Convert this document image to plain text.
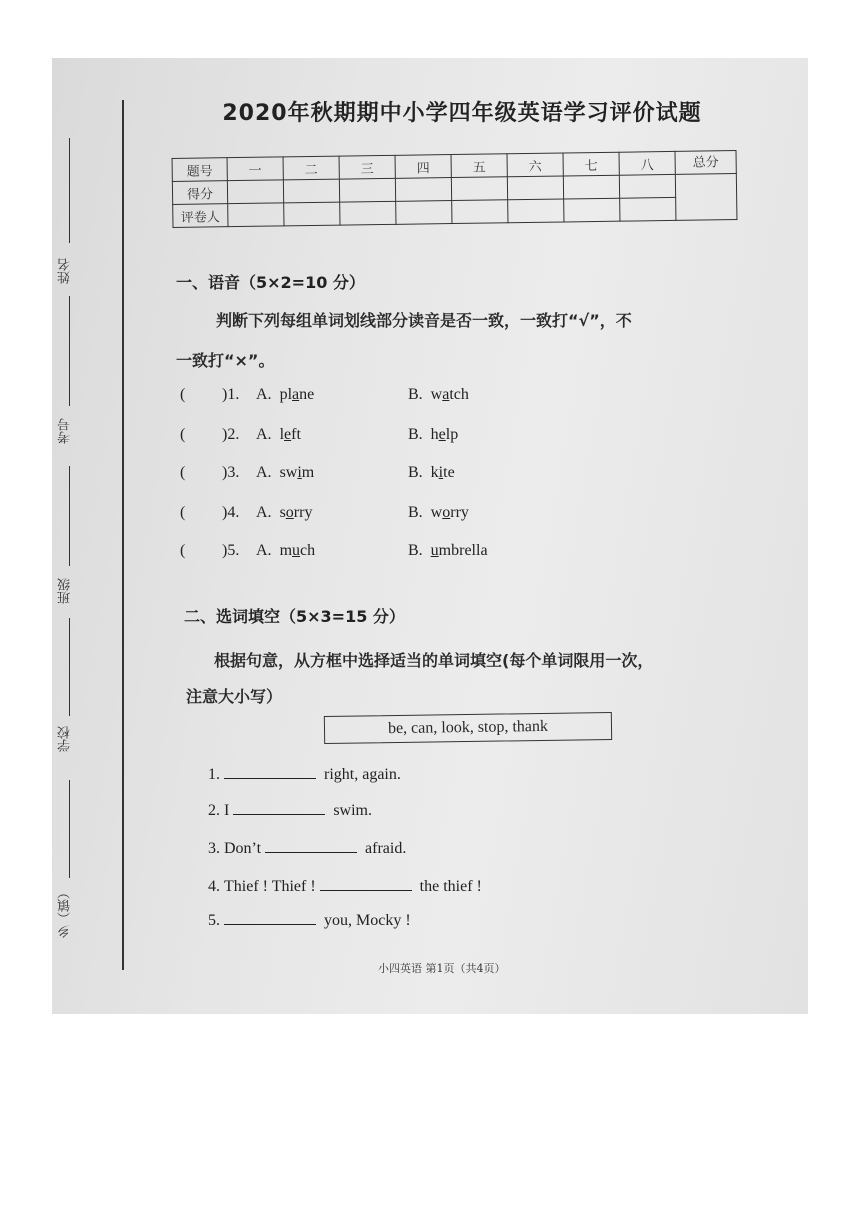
姓名
考号
班级
学校
乡（镇）
2020年秋期期中小学四年级英语学习评价试题
题号	一	二	三	四	五	六	七	八	总分
得分									
评卷人									
一、语音（5×2=10 分）
判断下列每组单词划线部分读音是否一致，一致打“√”，不
一致打“×”。
( )1. A. plane	B. watch
( )2. A. left	B. help
( )3. A. swim	B. kite
( )4. A. sorry	B. worry
( )5. A. much	B. umbrella
二、选词填空（5×3=15 分）
根据句意，从方框中选择适当的单词填空(每个单词限用一次，
注意大小写）
be, can, look, stop, thank
1.	right, again.
2. I	swim.
3. Don’t	afraid.
4. Thief ! Thief !	the thief !
5.	you, Mocky !
小四英语 第1页（共4页）
